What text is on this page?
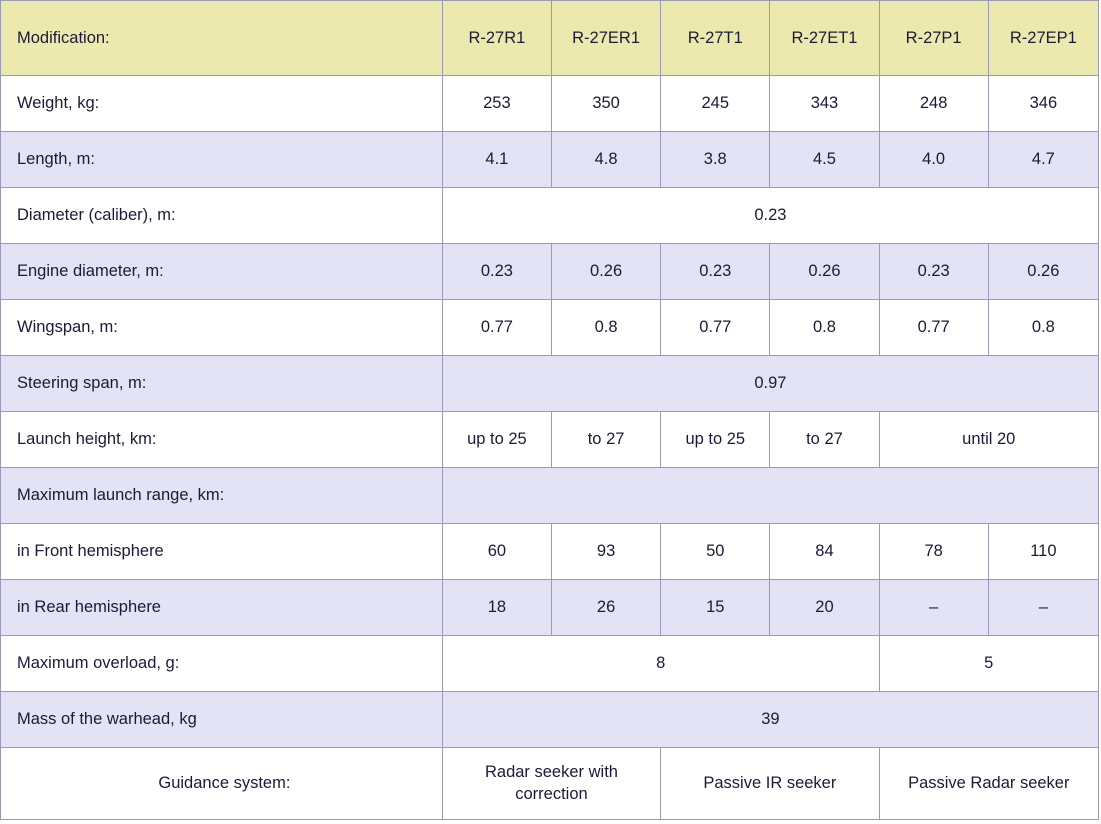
Modification:	R-27R1	R-27ER1	R-27T1	R-27ET1	R-27P1	R-27EP1
Weight, kg:	253	350	245	343	248	346
Length, m:	4.1	4.8	3.8	4.5	4.0	4.7
Diameter (caliber), m:	0.23					
Engine diameter, m:	0.23	0.26	0.23	0.26	0.23	0.26
Wingspan, m:	0.77	0.8	0.77	0.8	0.77	0.8
Steering span, m:	0.97					
Launch height, km:	up to 25	to 27	up to 25	to 27	until 20	
Maximum launch range, km:						
in Front hemisphere	60	93	50	84	78	110
in Rear hemisphere	18	26	15	20	–	–
Maximum overload, g:	8				5	
Mass of the warhead, kg	39					
Guidance system:	Radar seeker with correction		Passive IR seeker		Passive Radar seeker	
